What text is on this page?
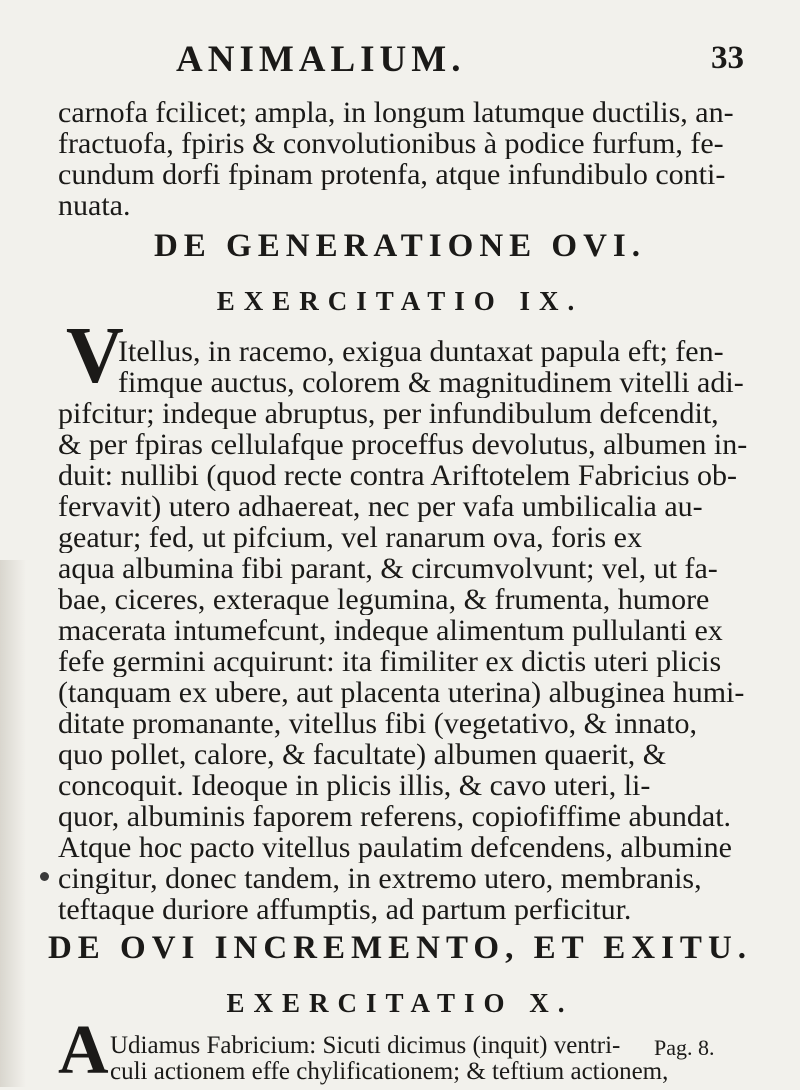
ANIMALIUM.	33
carnofa fcilicet; ampla, in longum latumque ductilis, an-
fractuofa, fpiris & convolutionibus à podice furfum, fe-
cundum dorfi fpinam protenfa, atque infundibulo conti-
nuata.
DE GENERATIONE OVI.
EXERCITATIO IX.
V
Itellus, in racemo, exigua duntaxat papula eft; fen-
fimque auctus, colorem & magnitudinem vitelli adi-
pifcitur; indeque abruptus, per infundibulum defcendit,
& per fpiras cellulafque proceffus devolutus, albumen in-
duit: nullibi (quod recte contra Ariftotelem Fabricius ob-
fervavit) utero adhaereat, nec per vafa umbilicalia au-
geatur; fed, ut pifcium, vel ranarum ova, foris ex
aqua albumina fibi parant, & circumvolvunt; vel, ut fa-
bae, ciceres, exteraque legumina, & frumenta, humore
macerata intumefcunt, indeque alimentum pullulanti ex
fefe germini acquirunt: ita fimiliter ex dictis uteri plicis
(tanquam ex ubere, aut placenta uterina) albuginea humi-
ditate promanante, vitellus fibi (vegetativo, & innato,
quo pollet, calore, & facultate) albumen quaerit, &
concoquit. Ideoque in plicis illis, & cavo uteri, li-
quor, albuminis faporem referens, copiofiffime abundat.
Atque hoc pacto vitellus paulatim defcendens, albumine
cingitur, donec tandem, in extremo utero, membranis,
teftaque duriore affumptis, ad partum perficitur.
DE OVI INCREMENTO, ET EXITU.
EXERCITATIO X.
A Udiamus Fabricium: Sicuti dicimus (inquit) ventri-	Pag. 8.
culi actionem effe chylificationem; & teftium actionem,
